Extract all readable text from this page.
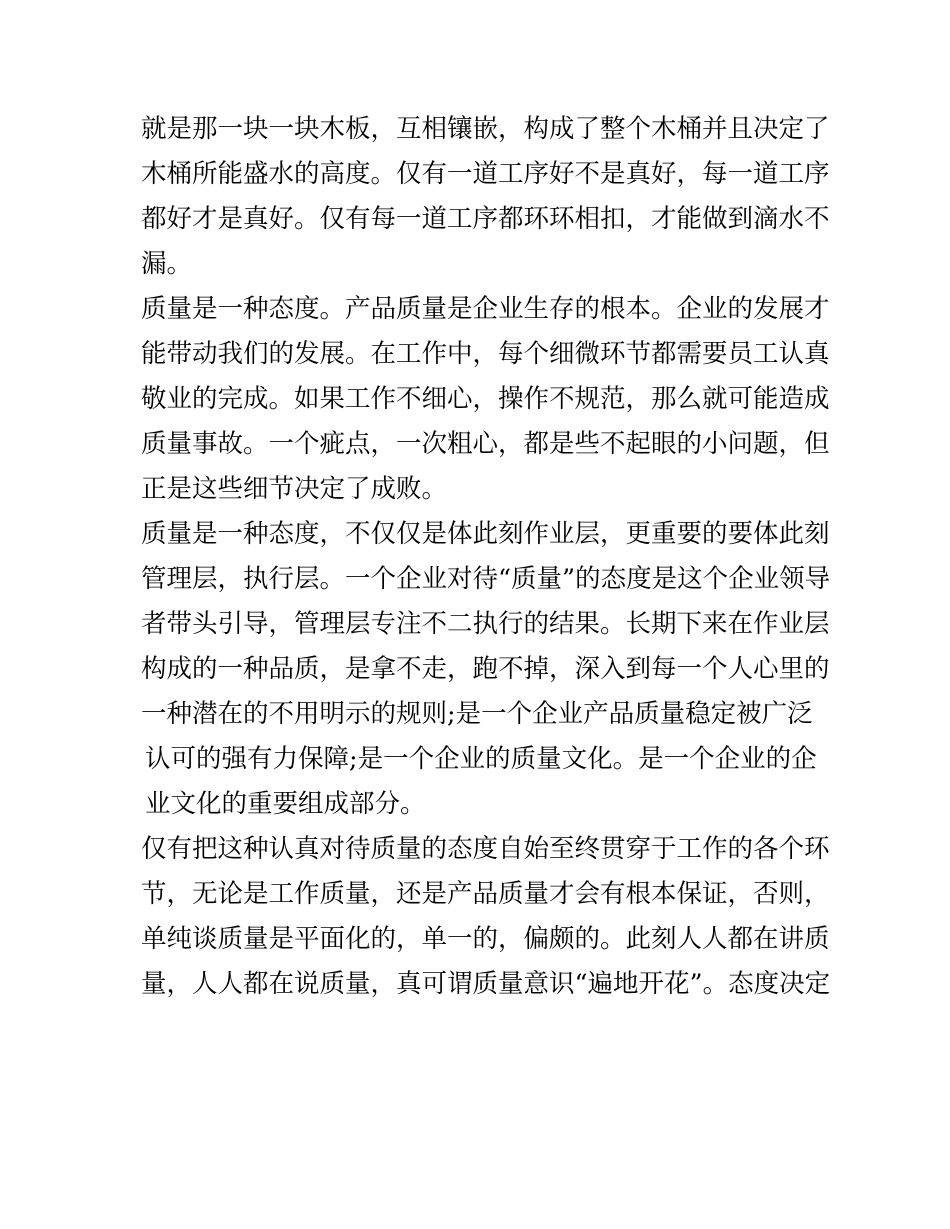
就是那一块一块木板，互相镶嵌，构成了整个木桶并且决定了
木桶所能盛水的高度。仅有一道工序好不是真好，每一道工序
都好才是真好。仅有每一道工序都环环相扣，才能做到滴水不
漏。
质量是一种态度。产品质量是企业生存的根本。企业的发展才
能带动我们的发展。在工作中，每个细微环节都需要员工认真
敬业的完成。如果工作不细心，操作不规范，那么就可能造成
质量事故。一个疵点，一次粗心，都是些不起眼的小问题，但
正是这些细节决定了成败。
质量是一种态度，不仅仅是体此刻作业层，更重要的要体此刻
管理层，执行层。一个企业对待“质量”的态度是这个企业领导
者带头引导，管理层专注不二执行的结果。长期下来在作业层
构成的一种品质，是拿不走，跑不掉，深入到每一个人心里的
一种潜在的不用明示的规则;是一个企业产品质量稳定被广泛
认可的强有力保障;是一个企业的质量文化。是一个企业的企
业文化的重要组成部分。
仅有把这种认真对待质量的态度自始至终贯穿于工作的各个环
节，无论是工作质量，还是产品质量才会有根本保证，否则，
单纯谈质量是平面化的，单一的，偏颇的。此刻人人都在讲质
量，人人都在说质量，真可谓质量意识“遍地开花”。态度决定
